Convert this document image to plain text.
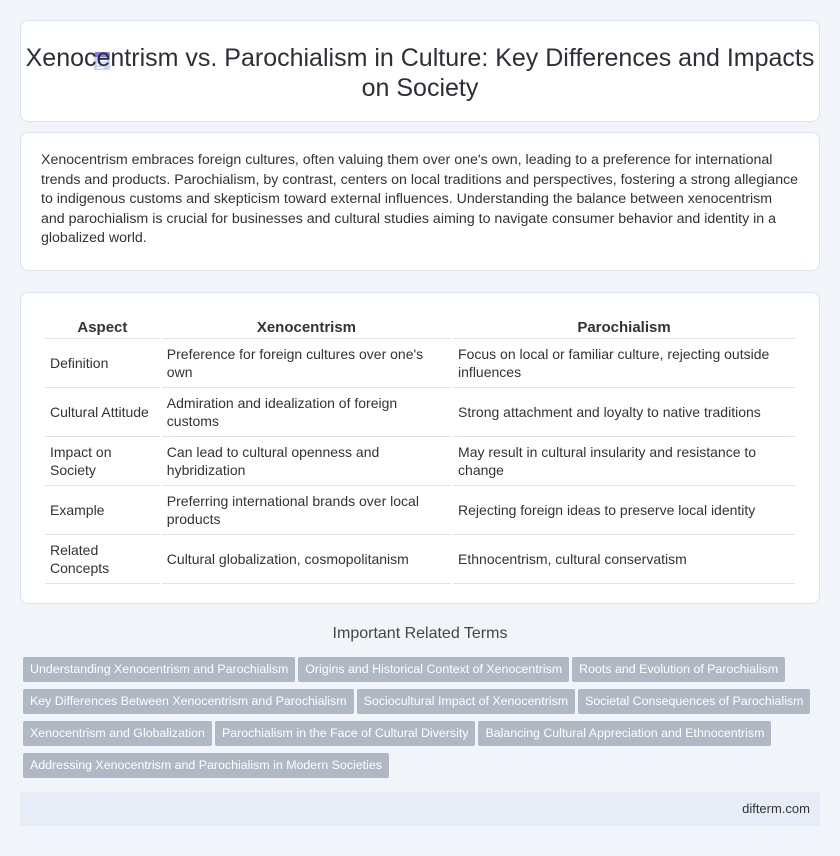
Xenocentrism vs. Parochialism in Culture: Key Differences and Impacts on Society

Xenocentrism embraces foreign cultures, often valuing them over one's own, leading to a preference for international trends and products. Parochialism, by contrast, centers on local traditions and perspectives, fostering a strong allegiance to indigenous customs and skepticism toward external influences. Understanding the balance between xenocentrism and parochialism is crucial for businesses and cultural studies aiming to navigate consumer behavior and identity in a globalized world.

Aspect	Xenocentrism	Parochialism
Definition	Preference for foreign cultures over one's own	Focus on local or familiar culture, rejecting outside influences
Cultural Attitude	Admiration and idealization of foreign customs	Strong attachment and loyalty to native traditions
Impact on Society	Can lead to cultural openness and hybridization	May result in cultural insularity and resistance to change
Example	Preferring international brands over local products	Rejecting foreign ideas to preserve local identity
Related Concepts	Cultural globalization, cosmopolitanism	Ethnocentrism, cultural conservatism
Important Related Terms
Understanding Xenocentrism and Parochialism Origins and Historical Context of Xenocentrism Roots and Evolution of Parochialism
Key Differences Between Xenocentrism and Parochialism Sociocultural Impact of Xenocentrism Societal Consequences of Parochialism
Xenocentrism and Globalization Parochialism in the Face of Cultural Diversity Balancing Cultural Appreciation and Ethnocentrism
Addressing Xenocentrism and Parochialism in Modern Societies
difterm.com
